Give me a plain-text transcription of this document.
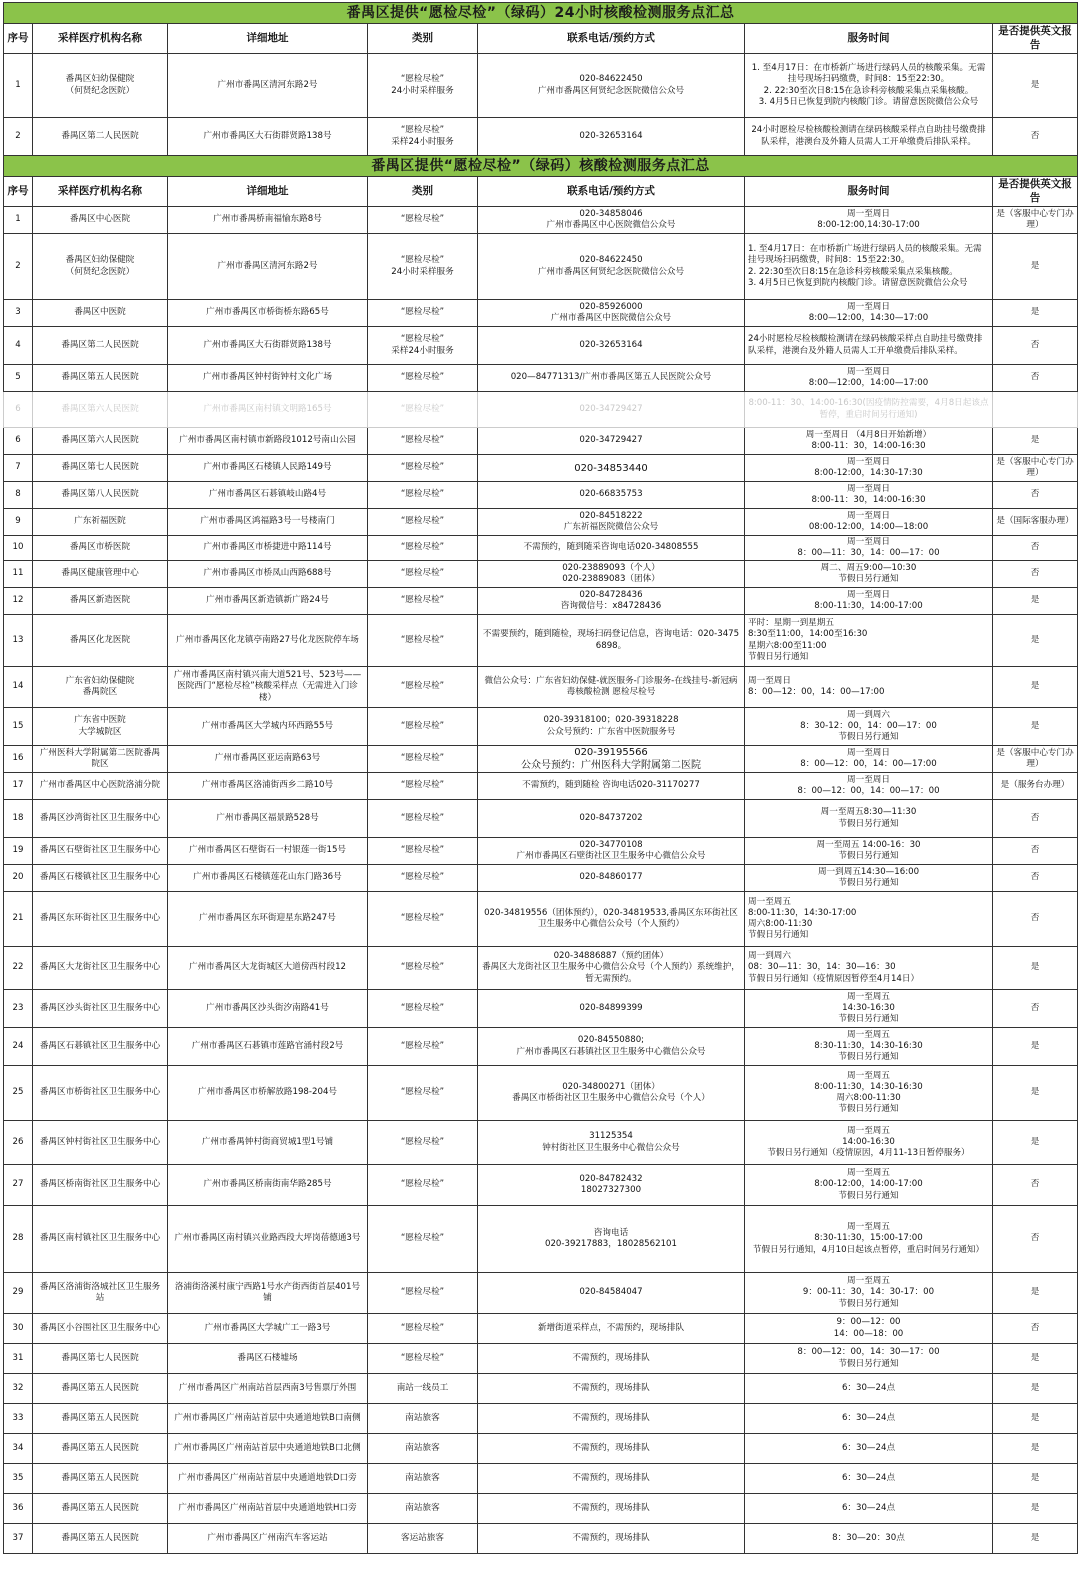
番禺区提供“愿检尽检”（绿码）24小时核酸检测服务点汇总						
序号	采样医疗机构名称	详细地址	类别	联系电话/预约方式	服务时间	是否提供英文报告
1	番禺区妇幼保健院
（何贤纪念医院）	广州市番禺区清河东路2号	“愿检尽检”
24小时采样服务	020-84622450
广州市番禺区何贤纪念医院微信公众号	1. 至4月17日：在市桥新广场进行绿码人员的核酸采集。无需挂号现场扫码缴费，时间8：15至22:30。
2. 22:30至次日8:15在急诊科旁核酸采集点采集核酸。
3. 4月5日已恢复到院内核酸门诊。请留意医院微信公众号	是
2	番禺区第二人民医院	广州市番禺区大石街群贤路138号	“愿检尽检”
采样24小时服务	020-32653164	24小时愿检尽检核酸检测请在绿码核酸采样点自助挂号缴费排队采样，港澳台及外籍人员需人工开单缴费后排队采样。	否
番禺区提供“愿检尽检”（绿码）核酸检测服务点汇总						
序号	采样医疗机构名称	详细地址	类别	联系电话/预约方式	服务时间	是否提供英文报告
1	番禺区中心医院	广州市番禺桥南福愉东路8号	“愿检尽检”	020-34858046
广州市番禺区中心医院微信公众号	周一至周日
8:00-12:00,14:30-17:00	是（客服中心专门办理）
2	番禺区妇幼保健院
（何贤纪念医院）	广州市番禺区清河东路2号	“愿检尽检”
24小时采样服务	020-84622450
广州市番禺区何贤纪念医院微信公众号	1. 至4月17日：在市桥新广场进行绿码人员的核酸采集。无需挂号现场扫码缴费，时间8：15至22:30。
2. 22:30至次日8:15在急诊科旁核酸采集点采集核酸。
3. 4月5日已恢复到院内核酸门诊。请留意医院微信公众号	是
3	番禺区中医院	广州市番禺区市桥街桥东路65号	“愿检尽检”	020-85926000
广州市番禺区中医院微信公众号	周一至周日
8:00—12:00，14:30—17:00	是
4	番禺区第二人民医院	广州市番禺区大石街群贤路138号	“愿检尽检”
采样24小时服务	020-32653164	24小时愿检尽检核酸检测请在绿码核酸采样点自助挂号缴费排队采样，港澳台及外籍人员需人工开单缴费后排队采样。	否
5	番禺区第五人民医院	广州市番禺区钟村街钟村文化广场	“愿检尽检”	020—84771313/广州市番禺区第五人民医院公众号	周一至周日
8:00—12:00，14:00—17:00	否
6	番禺区第六人民医院	广州市番禺区南村镇文明路165号	“愿检尽检”	020-34729427	8:00-11：30、14:00-16:30(因疫情防控需要，4月8日起该点暂停，重启时间另行通知)	
6	番禺区第六人民医院	广州市番禺区南村镇市新路段1012号南山公园	“愿检尽检”	020-34729427	周一至周日 （4月8日开始新增）
8:00-11：30，14:00-16:30	是
7	番禺区第七人民医院	广州市番禺区石楼镇人民路149号	“愿检尽检”	020-34853440	周一至周日
8:00-12:00，14:30-17:30	是（客服中心专门办理）
8	番禺区第八人民医院	广州市番禺区石碁镇岐山路4号	“愿检尽检”	020-66835753	周一至周日
8:00-11：30，14:00-16:30	否
9	广东祈福医院	广州市番禺区鸿福路3号一号楼南门	“愿检尽检”	020-84518222
广东祈福医院微信公众号	周一至周日
08:00-12:00，14:00—18:00	是（国际客服办理）
10	番禺区市桥医院	广州市番禺区市桥捷进中路114号	“愿检尽检”	不需预约，随到随采咨询电话020-34808555	周一至周日
8：00—11：30，14：00—17：00	否
11	番禺区健康管理中心	广州市番禺区市桥凤山西路688号	“愿检尽检”	020-23889093（个人）
020-23889083（团体）	周二、周五9:00—10:30
节假日另行通知	否
12	番禺区新造医院	广州市番禺区新造镇新广路24号	“愿检尽检”	020-84728436
咨询微信号：x84728436	周一至周日
8:00-11:30，14:00-17:00	是
13	番禺区化龙医院	广州市番禺区化龙镇亭南路27号化龙医院停车场	“愿检尽检”	不需要预约，随到随检，现场扫码登记信息，咨询电话：020-34756898。	平时：星期一到星期五
8:30至11:00，14:00至16:30
星期六8:00至11:00
节假日另行通知	是
14	广东省妇幼保健院
番禺院区	广州市番禺区南村镇兴南大道521号、523号——医院西门“愿检尽检”核酸采样点（无需进入门诊楼）	“愿检尽检”	微信公众号：广东省妇幼保健-就医服务-门诊服务-在线挂号-新冠病毒核酸检测 愿检尽检号	周一至周日
8：00—12：00，14：00—17:00	是
15	广东省中医院
大学城院区	广州市番禺区大学城内环西路55号	“愿检尽检”	020-39318100；020-39318228
公众号预约：广东省中医院服务号	周一到周六
8：30-12：00，14：00—17：00
节假日另行通知	是
16	广州医科大学附属第二医院番禺院区	广州市番禺区亚运南路63号	“愿检尽检”	020-39195566
公众号预约：广州医科大学附属第二医院	周一至周日
8：00—12：00，14：00—17:00	是（客服中心专门办理）
17	广州市番禺区中心医院洛浦分院	广州市番禺区洛浦街西乡二路10号	“愿检尽检”	不需预约，随到随检 咨询电话020-31170277	周一至周日
8：00—12：00，14：00—17：00	是（服务台办理）
18	番禺区沙湾街社区卫生服务中心	广州市番禺区福景路528号	“愿检尽检”	020-84737202	周一至周五8:30—11:30
节假日另行通知	否
19	番禺区石壁街社区卫生服务中心	广州市番禺区石壁街石一村银莲一街15号	“愿检尽检”	020-34770108
广州市番禺区石壁街社区卫生服务中心微信公众号	周一至周五 14:00-16：30
节假日另行通知	否
20	番禺区石楼镇社区卫生服务中心	广州市番禺区石楼镇莲花山东门路36号	“愿检尽检”	020-84860177	周一到周五14:30—16:00
节假日另行通知	否
21	番禺区东环街社区卫生服务中心	广州市番禺区东环街迎星东路247号	“愿检尽检”	020-34819556（团体预约），020-34819533,番禺区东环街社区卫生服务中心微信公众号（个人预约）	周一至周五
8:00-11:30，14:30-17:00
周六8:00-11:30
节假日另行通知	否
22	番禺区大龙街社区卫生服务中心	广州市番禺区大龙街城区大道傍西村段12	“愿检尽检”	020-34886887（预约团体）
番禺区大龙街社区卫生服务中心微信公众号（个人预约）系统维护，暂无需预约。	周一到周六
08：30—11：30，14：30—16：30
节假日另行通知（疫情原因暂停至4月14日）	是
23	番禺区沙头街社区卫生服务中心	广州市番禺区沙头街汐南路41号	“愿检尽检”	020-84899399	周一至周五
14:30-16:30
节假日另行通知	否
24	番禺区石碁镇社区卫生服务中心	广州市番禺区石碁镇市莲路官涌村段2号	“愿检尽检”	020-84550880;
广州市番禺区石碁镇社区卫生服务中心微信公众号	周一至周五
8:30-11:30，14:30-16:30
节假日另行通知	是
25	番禺区市桥街社区卫生服务中心	广州市番禺区市桥解放路198-204号	“愿检尽检”	020-34800271（团体）
番禺区市桥街社区卫生服务中心微信公众号（个人）	周一至周五
8:00-11:30，14:30-16:30
周六8:00-11:30
节假日另行通知	是
26	番禺区钟村街社区卫生服务中心	广州市番禺钟村街商贸城1型1号铺	“愿检尽检”	31125354
钟村街社区卫生服务中心微信公众号	周一至周五
14:00-16:30
节假日另行通知（疫情原因，4月11-13日暂停服务）	是
27	番禺区桥南街社区卫生服务中心	广州市番禺区桥南街南华路285号	“愿检尽检”	020-84782432
18027327300	周一至周五
8:00-12:00，14:00-17:00
节假日另行通知	否
28	番禺区南村镇社区卫生服务中心	广州市番禺区南村镇兴业路西段大坪岗蓓德通3号	“愿检尽检”	咨询电话
020-39217883，18028562101	周一至周五
8:30-11:30，15:00-17:00
节假日另行通知，4月10日起该点暂停，重启时间另行通知）	否
29	番禺区洛浦街洛城社区卫生服务站	洛浦街洛溪村康宁西路1号水产街西街首层401号铺	“愿检尽检”	020-84584047	周一至周五
9：00-11：30，14：30-17：00
节假日另行通知	是
30	番禺区小谷围社区卫生服务中心	广州市番禺区大学城广工一路3号	“愿检尽检”	新增街道采样点，不需预约，现场排队	9：00—12：00
14：00—18：00	否
31	番禺区第七人民医院	番禺区石楼墟场	“愿检尽检”	不需预约，现场排队	8：00—12：00，14：30—17：00
节假日另行通知	是
32	番禺区第五人民医院	广州市番禺区广州南站首层西南3号售票厅外围	南站一线员工	不需预约，现场排队	6：30—24点	是
33	番禺区第五人民医院	广州市番禺区广州南站首层中央通道地铁B口南侧	南站旅客	不需预约，现场排队	6：30—24点	是
34	番禺区第五人民医院	广州市番禺区广州南站首层中央通道地铁B口北侧	南站旅客	不需预约，现场排队	6：30—24点	是
35	番禺区第五人民医院	广州市番禺区广州南站首层中央通道地铁D口旁	南站旅客	不需预约，现场排队	6：30—24点	是
36	番禺区第五人民医院	广州市番禺区广州南站首层中央通道地铁H口旁	南站旅客	不需预约，现场排队	6：30—24点	是
37	番禺区第五人民医院	广州市番禺区广州南汽车客运站	客运站旅客	不需预约，现场排队	8：30—20：30点	是
